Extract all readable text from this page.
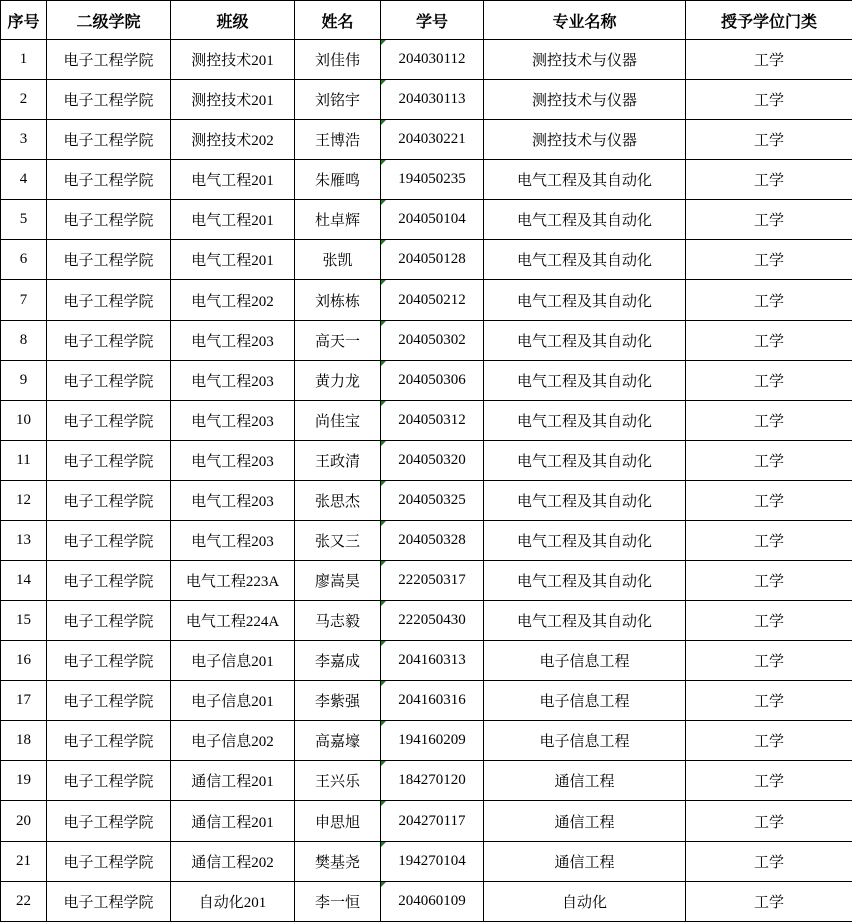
序号	二级学院	班级	姓名	学号	专业名称	授予学位门类
1	电子工程学院	测控技术201	刘佳伟	204030112	测控技术与仪器	工学
2	电子工程学院	测控技术201	刘铭宇	204030113	测控技术与仪器	工学
3	电子工程学院	测控技术202	王博浩	204030221	测控技术与仪器	工学
4	电子工程学院	电气工程201	朱雁鸣	194050235	电气工程及其自动化	工学
5	电子工程学院	电气工程201	杜卓辉	204050104	电气工程及其自动化	工学
6	电子工程学院	电气工程201	张凯	204050128	电气工程及其自动化	工学
7	电子工程学院	电气工程202	刘栋栋	204050212	电气工程及其自动化	工学
8	电子工程学院	电气工程203	高天一	204050302	电气工程及其自动化	工学
9	电子工程学院	电气工程203	黄力龙	204050306	电气工程及其自动化	工学
10	电子工程学院	电气工程203	尚佳宝	204050312	电气工程及其自动化	工学
11	电子工程学院	电气工程203	王政清	204050320	电气工程及其自动化	工学
12	电子工程学院	电气工程203	张思杰	204050325	电气工程及其自动化	工学
13	电子工程学院	电气工程203	张又三	204050328	电气工程及其自动化	工学
14	电子工程学院	电气工程223A	廖嵩昊	222050317	电气工程及其自动化	工学
15	电子工程学院	电气工程224A	马志毅	222050430	电气工程及其自动化	工学
16	电子工程学院	电子信息201	李嘉成	204160313	电子信息工程	工学
17	电子工程学院	电子信息201	李紫强	204160316	电子信息工程	工学
18	电子工程学院	电子信息202	高嘉壕	194160209	电子信息工程	工学
19	电子工程学院	通信工程201	王兴乐	184270120	通信工程	工学
20	电子工程学院	通信工程201	申思旭	204270117	通信工程	工学
21	电子工程学院	通信工程202	樊基尧	194270104	通信工程	工学
22	电子工程学院	自动化201	李一恒	204060109	自动化	工学
